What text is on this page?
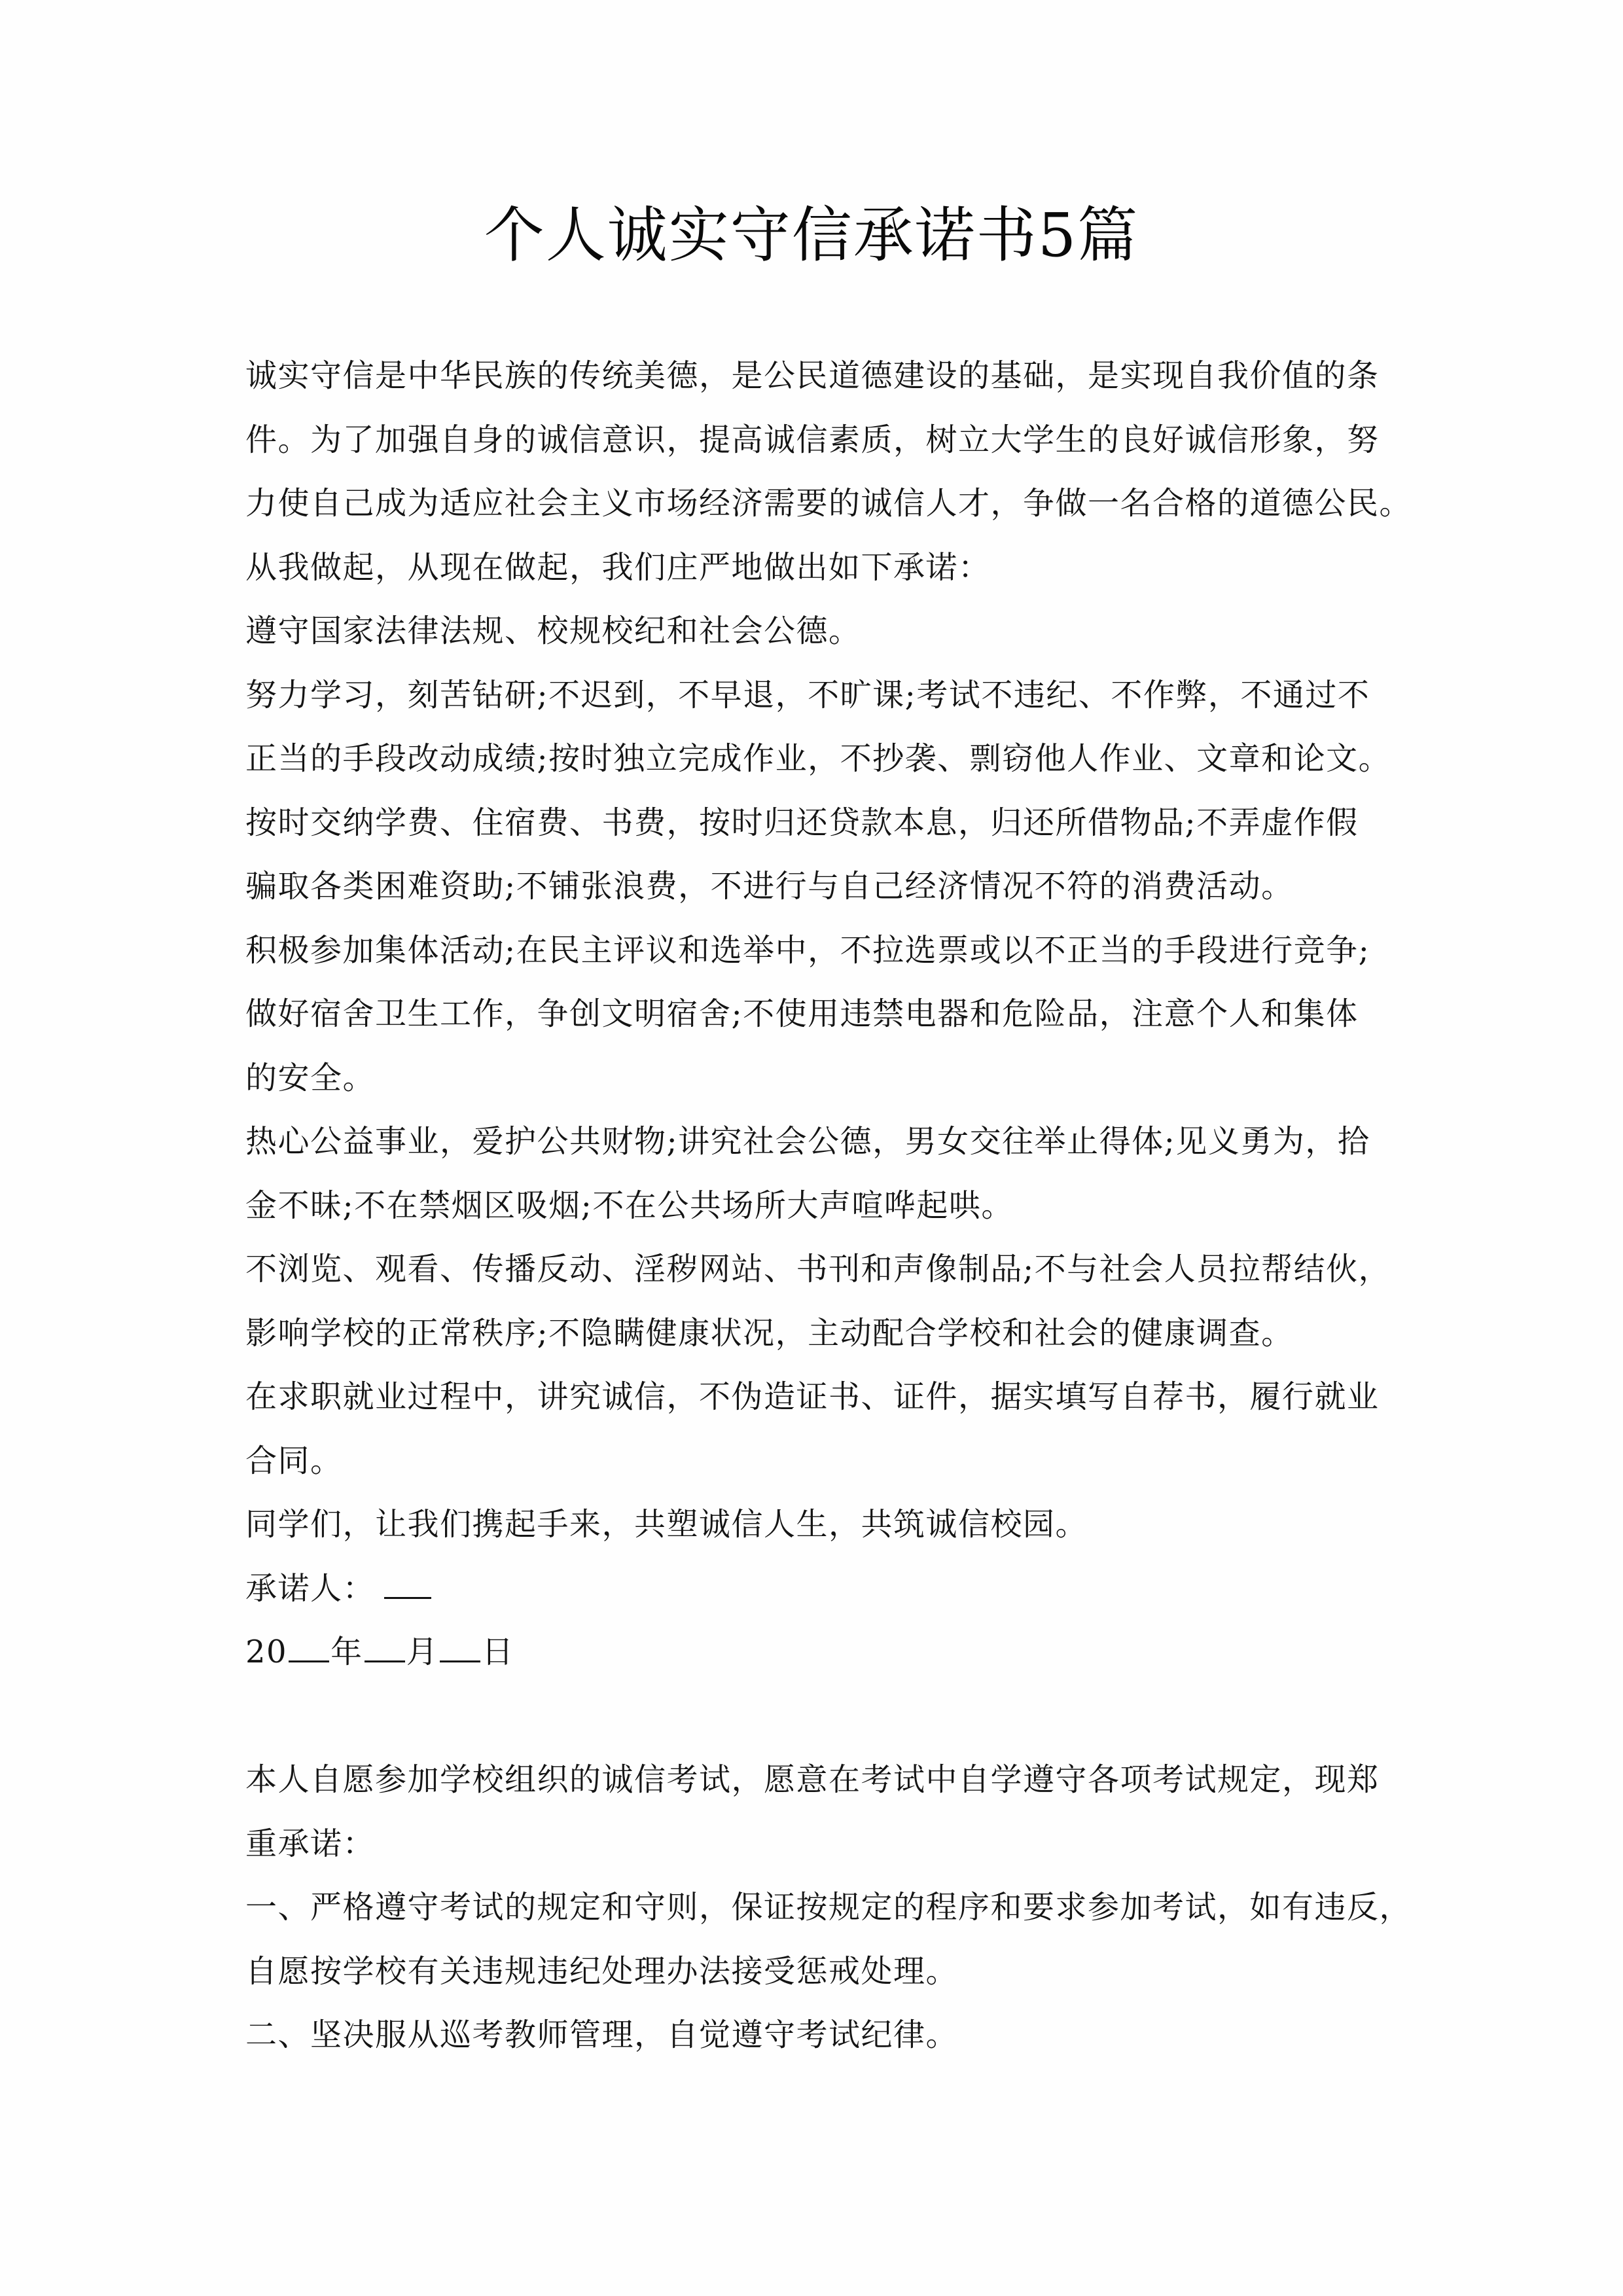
个人诚实守信承诺书5篇
诚实守信是中华民族的传统美德，是公民道德建设的基础，是实现自我价值的条
件。为了加强自身的诚信意识，提高诚信素质，树立大学生的良好诚信形象，努
力使自己成为适应社会主义市场经济需要的诚信人才，争做一名合格的道德公民。
从我做起，从现在做起，我们庄严地做出如下承诺：
遵守国家法律法规、校规校纪和社会公德。
努力学习，刻苦钻研;不迟到，不早退，不旷课;考试不违纪、不作弊，不通过不
正当的手段改动成绩;按时独立完成作业，不抄袭、剽窃他人作业、文章和论文。
按时交纳学费、住宿费、书费，按时归还贷款本息，归还所借物品;不弄虚作假
骗取各类困难资助;不铺张浪费，不进行与自己经济情况不符的消费活动。
积极参加集体活动;在民主评议和选举中，不拉选票或以不正当的手段进行竞争;
做好宿舍卫生工作，争创文明宿舍;不使用违禁电器和危险品，注意个人和集体
的安全。
热心公益事业，爱护公共财物;讲究社会公德，男女交往举止得体;见义勇为，拾
金不昧;不在禁烟区吸烟;不在公共场所大声喧哗起哄。
不浏览、观看、传播反动、淫秽网站、书刊和声像制品;不与社会人员拉帮结伙，
影响学校的正常秩序;不隐瞒健康状况，主动配合学校和社会的健康调查。
在求职就业过程中，讲究诚信，不伪造证书、证件，据实填写自荐书，履行就业
合同。
同学们，让我们携起手来，共塑诚信人生，共筑诚信校园。
承诺人：
20 年 月 日
本人自愿参加学校组织的诚信考试，愿意在考试中自学遵守各项考试规定，现郑
重承诺：
一、严格遵守考试的规定和守则，保证按规定的程序和要求参加考试，如有违反，
自愿按学校有关违规违纪处理办法接受惩戒处理。
二、坚决服从巡考教师管理，自觉遵守考试纪律。
